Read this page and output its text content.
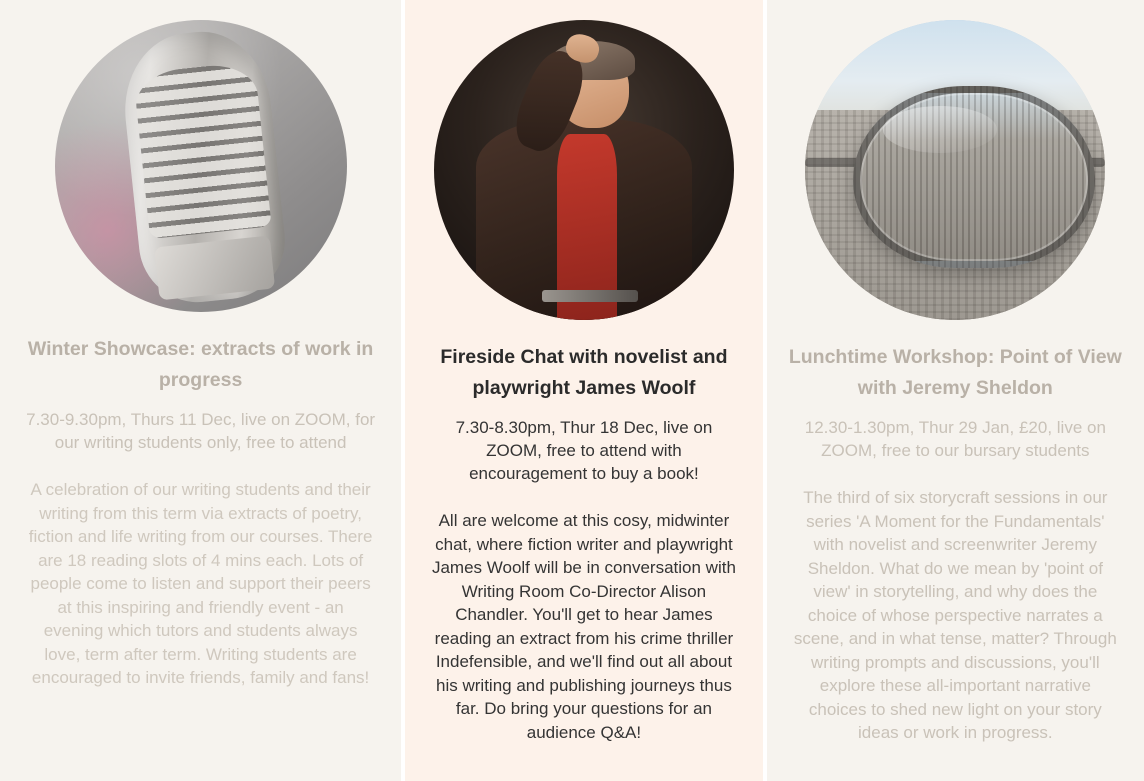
Winter Showcase: extracts of work in progress
7.30-9.30pm, Thurs 11 Dec, live on ZOOM, for our writing students only, free to attend
A celebration of our writing students and their writing from this term via extracts of poetry, fiction and life writing from our courses. There are 18 reading slots of 4 mins each. Lots of people come to listen and support their peers at this inspiring and friendly event - an evening which tutors and students always love, term after term. Writing students are encouraged to invite friends, family and fans!
Fireside Chat with novelist and playwright James Woolf
7.30-8.30pm, Thur 18 Dec, live on ZOOM, free to attend with encouragement to buy a book!
All are welcome at this cosy, midwinter chat, where fiction writer and playwright James Woolf will be in conversation with Writing Room Co-Director Alison Chandler. You'll get to hear James reading an extract from his crime thriller Indefensible, and we'll find out all about his writing and publishing journeys thus far. Do bring your questions for an audience Q&A!
Lunchtime Workshop: Point of View with Jeremy Sheldon
12.30-1.30pm, Thur 29 Jan, £20, live on ZOOM, free to our bursary students
The third of six storycraft sessions in our series 'A Moment for the Fundamentals' with novelist and screenwriter Jeremy Sheldon. What do we mean by 'point of view' in storytelling, and why does the choice of whose perspective narrates a scene, and in what tense, matter? Through writing prompts and discussions, you'll explore these all-important narrative choices to shed new light on your story ideas or work in progress.
